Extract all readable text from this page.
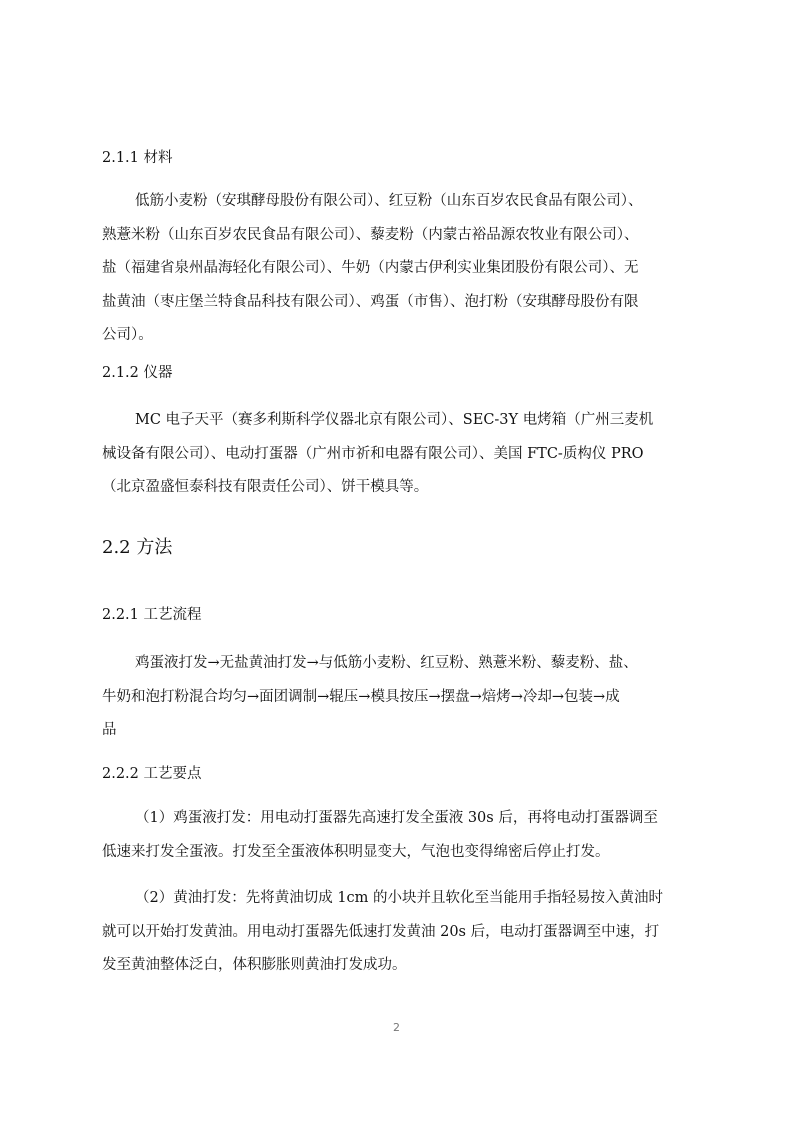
2.1.1 材料
低筋小麦粉（安琪酵母股份有限公司）、红豆粉（山东百岁农民食品有限公司）、
熟薏米粉（山东百岁农民食品有限公司）、藜麦粉（内蒙古裕品源农牧业有限公司）、
盐（福建省泉州晶海轻化有限公司）、牛奶（内蒙古伊利实业集团股份有限公司）、无
盐黄油（枣庄堡兰特食品科技有限公司）、鸡蛋（市售）、泡打粉（安琪酵母股份有限
公司）。
2.1.2 仪器
MC 电子天平（赛多利斯科学仪器北京有限公司）、SEC-3Y 电烤箱（广州三麦机
械设备有限公司）、电动打蛋器（广州市祈和电器有限公司）、美国 FTC-质构仪 PRO
（北京盈盛恒泰科技有限责任公司）、饼干模具等。
2.2 方法
2.2.1 工艺流程
鸡蛋液打发→无盐黄油打发→与低筋小麦粉、红豆粉、熟薏米粉、藜麦粉、盐、
牛奶和泡打粉混合均匀→面团调制→辊压→模具按压→摆盘→焙烤→冷却→包装→成
品
2.2.2 工艺要点
（1）鸡蛋液打发：用电动打蛋器先高速打发全蛋液 30s 后，再将电动打蛋器调至
低速来打发全蛋液。打发至全蛋液体积明显变大，气泡也变得绵密后停止打发。
（2）黄油打发：先将黄油切成 1cm 的小块并且软化至当能用手指轻易按入黄油时
就可以开始打发黄油。用电动打蛋器先低速打发黄油 20s 后，电动打蛋器调至中速，打
发至黄油整体泛白，体积膨胀则黄油打发成功。
2
